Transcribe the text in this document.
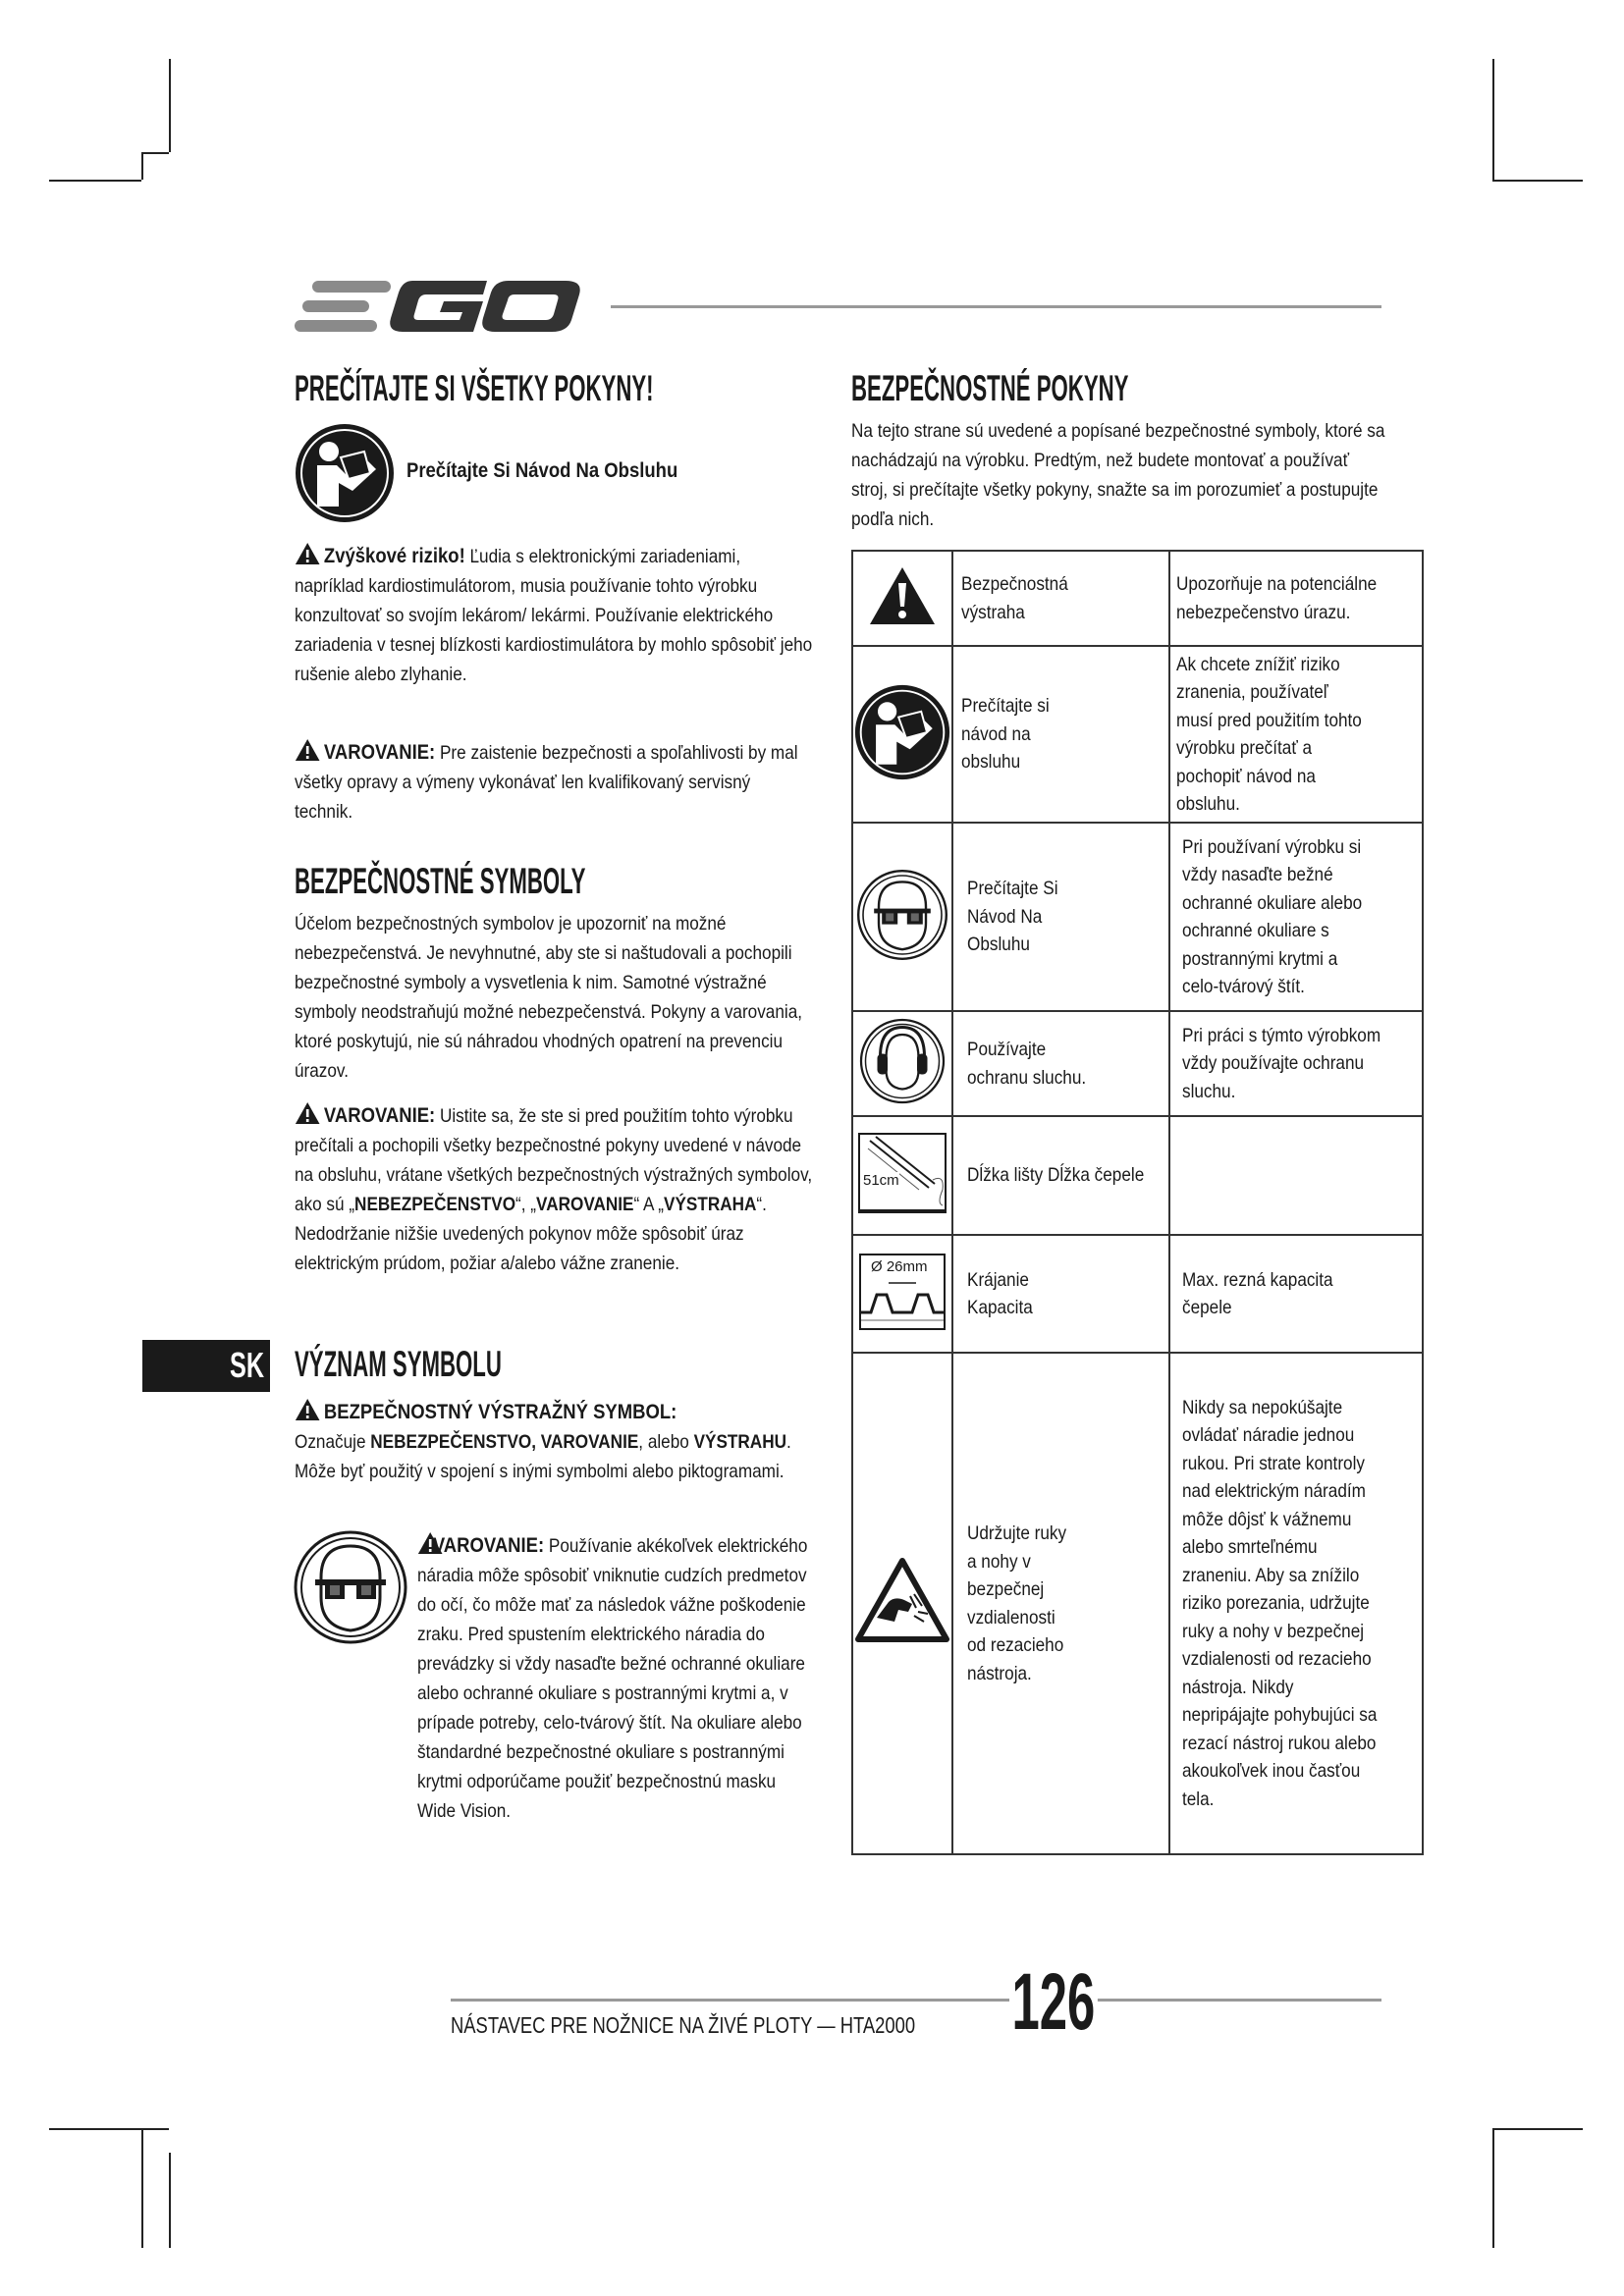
PREČÍTAJTE SI VŠETKY POKYNY!
Prečítajte Si Návod Na Obsluhu
Zvýškové riziko! Ľudia s elektronickými zariadeniami, napríklad kardiostimulátorom, musia používanie tohto výrobku konzultovať so svojím lekárom/ lekármi. Používanie elektrického zariadenia v tesnej blízkosti kardiostimulátora by mohlo spôsobiť jeho rušenie alebo zlyhanie.
VAROVANIE: Pre zaistenie bezpečnosti a spoľahlivosti by mal všetky opravy a výmeny vykonávať len kvalifikovaný servisný technik.
BEZPEČNOSTNÉ SYMBOLY
Účelom bezpečnostných symbolov je upozorniť na možné nebezpečenstvá. Je nevyhnutné, aby ste si naštudovali a pochopili bezpečnostné symboly a vysvetlenia k nim. Samotné výstražné symboly neodstraňujú možné nebezpečenstvá. Pokyny a varovania, ktoré poskytujú, nie sú náhradou vhodných opatrení na prevenciu úrazov.
VAROVANIE: Uistite sa, že ste si pred použitím tohto výrobku prečítali a pochopili všetky bezpečnostné pokyny uvedené v návode na obsluhu, vrátane všetkých bezpečnostných výstražných symbolov, ako sú „NEBEZPEČENSTVO“, „VAROVANIE“ A „VÝSTRAHA“. Nedodržanie nižšie uvedených pokynov môže spôsobiť úraz elektrickým prúdom, požiar a/alebo vážne zranenie.
SK VÝZNAM SYMBOLU
BEZPEČNOSTNÝ VÝSTRAŽNÝ SYMBOL:
Označuje NEBEZPEČENSTVO, VAROVANIE, alebo VÝSTRAHU. Môže byť použitý v spojení s inými symbolmi alebo piktogramami.
VAROVANIE: Používanie akékoľvek elektrického náradia môže spôsobiť vniknutie cudzích predmetov do očí, čo môže mať za následok vážne poškodenie zraku. Pred spustením elektrického náradia do prevádzky si vždy nasaďte bežné ochranné okuliare alebo ochranné okuliare s postrannými krytmi a, v prípade potreby, celo-tvárový štít. Na okuliare alebo štandardné bezpečnostné okuliare s postrannými krytmi odporúčame použiť bezpečnostnú masku Wide Vision.
BEZPEČNOSTNÉ POKYNY
Na tejto strane sú uvedené a popísané bezpečnostné symboly, ktoré sa nachádzajú na výrobku. Predtým, než budete montovať a používať stroj, si prečítajte všetky pokyny, snažte sa im porozumieť a postupujte podľa nich.

Bezpečnostná výstraha	Upozorňuje na potenciálne nebezpečenstvo úrazu.

Prečítajte si návod na obsluhu	Ak chcete znížiť riziko zranenia, používateľ musí pred použitím tohto výrobku prečítať a pochopiť návod na obsluhu.

Prečítajte Si Návod Na Obsluhu	Pri používaní výrobku si vždy nasaďte bežné ochranné okuliare alebo ochranné okuliare s postrannými krytmi a celo-tvárový štít.

Používajte ochranu sluchu.	Pri práci s týmto výrobkom vždy používajte ochranu sluchu.

51cm	Dĺžka lišty Dĺžka čepele	

Ø 26mm	Krájanie Kapacita	Max. rezná kapacita čepele

Udržujte ruky a nohy v bezpečnej vzdialenosti od rezacieho nástroja.	Nikdy sa nepokúšajte ovládať náradie jednou rukou. Pri strate kontroly nad elektrickým náradím môže dôjsť k vážnemu alebo smrteľnému zraneniu. Aby sa znížilo riziko porezania, udržujte ruky a nohy v bezpečnej vzdialenosti od rezacieho nástroja. Nikdy nepripájajte pohybujúci sa rezací nástroj rukou alebo akoukoľvek inou časťou tela.
NÁSTAVEC PRE NOŽNICE NA ŽIVÉ PLOTY — HTA2000 126
